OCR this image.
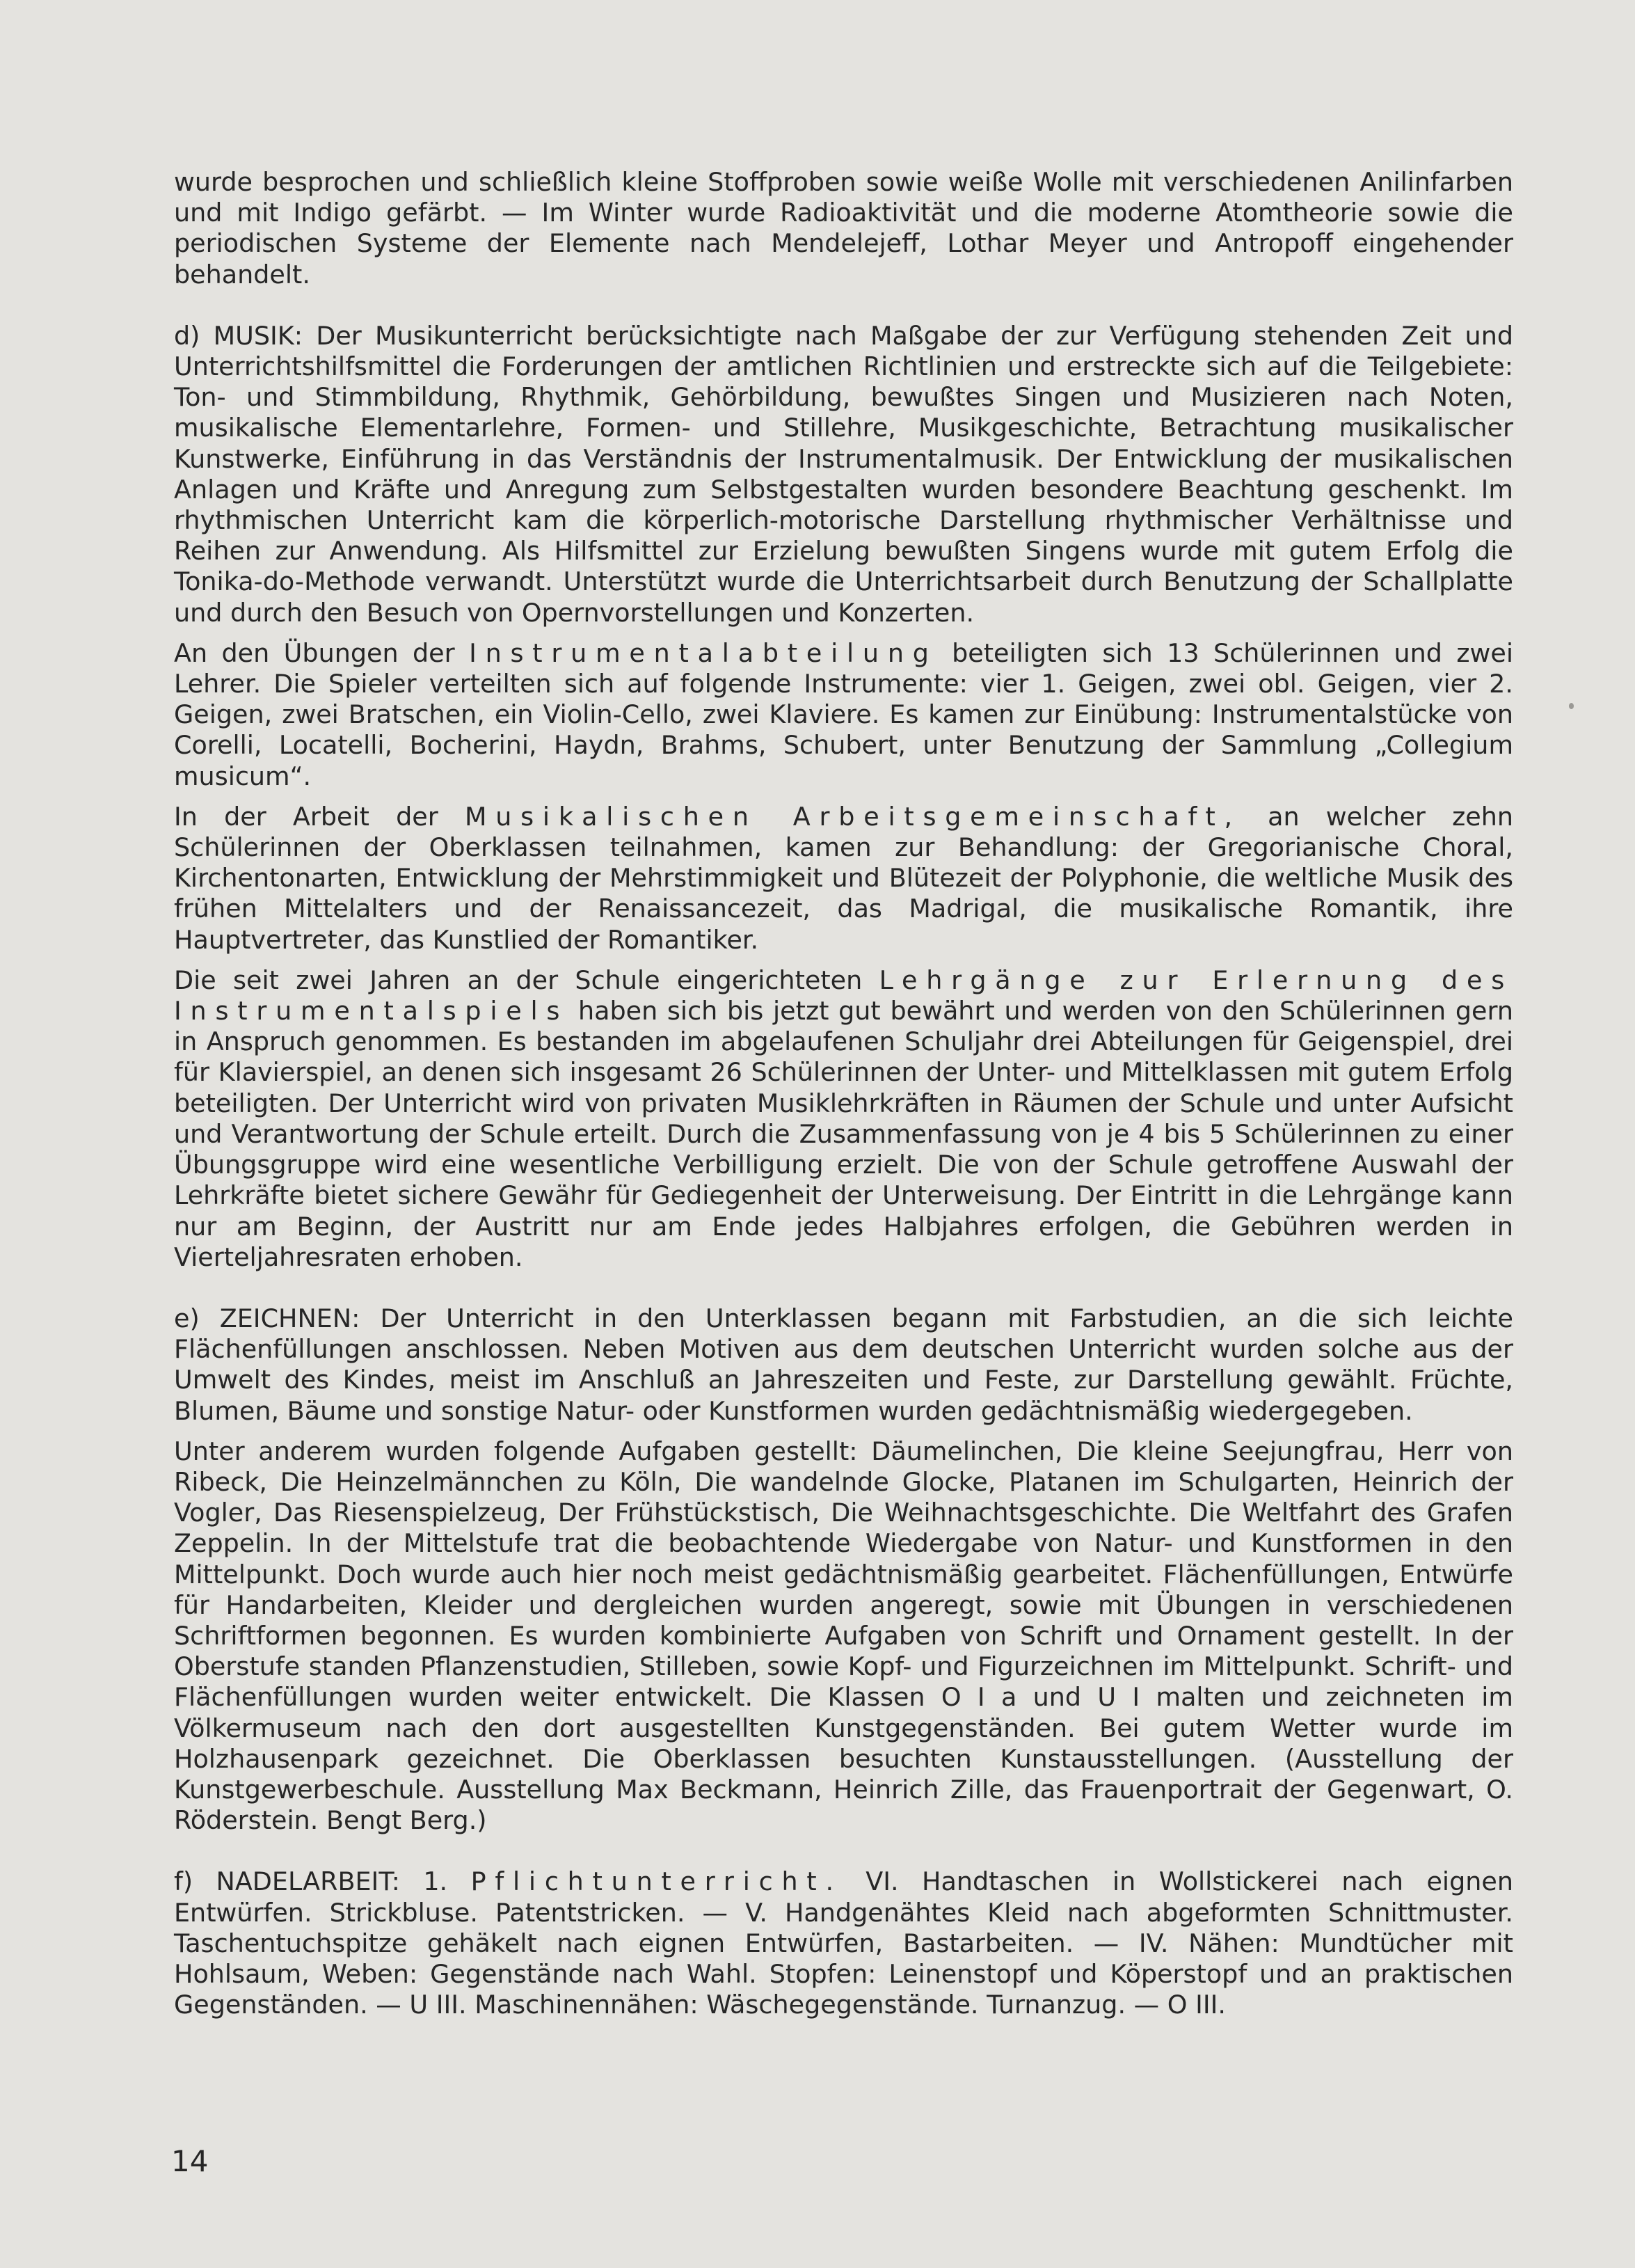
wurde besprochen und schließlich kleine Stoffproben sowie weiße Wolle mit verschiedenen Anilinfarben und mit Indigo gefärbt. — Im Winter wurde Radioaktivität und die moderne Atomtheorie sowie die periodischen Systeme der Elemente nach Mendelejeff, Lothar Meyer und Antropoff eingehender behandelt.

d) MUSIK: Der Musikunterricht berücksichtigte nach Maßgabe der zur Verfügung stehenden Zeit und Unterrichtshilfsmittel die Forderungen der amtlichen Richtlinien und erstreckte sich auf die Teilgebiete: Ton- und Stimmbildung, Rhythmik, Gehörbildung, bewußtes Singen und Musizieren nach Noten, musikalische Elementarlehre, Formen- und Stillehre, Musikgeschichte, Betrachtung musikalischer Kunstwerke, Einführung in das Verständnis der Instrumentalmusik. Der Entwicklung der musikalischen Anlagen und Kräfte und Anregung zum Selbstgestalten wurden besondere Beachtung geschenkt. Im rhythmischen Unterricht kam die körperlich-motorische Darstellung rhythmischer Verhältnisse und Reihen zur Anwendung. Als Hilfsmittel zur Erzielung bewußten Singens wurde mit gutem Erfolg die Tonika-do-Methode verwandt. Unterstützt wurde die Unterrichtsarbeit durch Benutzung der Schallplatte und durch den Besuch von Opernvorstellungen und Konzerten.

An den Übungen der Instrumentalabteilung beteiligten sich 13 Schülerinnen und zwei Lehrer. Die Spieler verteilten sich auf folgende Instrumente: vier 1. Geigen, zwei obl. Geigen, vier 2. Geigen, zwei Bratschen, ein Violin-Cello, zwei Klaviere. Es kamen zur Einübung: Instrumentalstücke von Corelli, Locatelli, Bocherini, Haydn, Brahms, Schubert, unter Benutzung der Sammlung „Collegium musicum“.

In der Arbeit der Musikalischen Arbeitsgemeinschaft, an welcher zehn Schülerinnen der Oberklassen teilnahmen, kamen zur Behandlung: der Gregorianische Choral, Kirchentonarten, Entwicklung der Mehrstimmigkeit und Blütezeit der Polyphonie, die weltliche Musik des frühen Mittelalters und der Renaissancezeit, das Madrigal, die musikalische Romantik, ihre Hauptvertreter, das Kunstlied der Romantiker.

Die seit zwei Jahren an der Schule eingerichteten Lehrgänge zur Erlernung des Instrumentalspiels haben sich bis jetzt gut bewährt und werden von den Schülerinnen gern in Anspruch genommen. Es bestanden im abgelaufenen Schuljahr drei Abteilungen für Geigenspiel, drei für Klavierspiel, an denen sich insgesamt 26 Schülerinnen der Unter- und Mittelklassen mit gutem Erfolg beteiligten. Der Unterricht wird von privaten Musiklehrkräften in Räumen der Schule und unter Aufsicht und Verantwortung der Schule erteilt. Durch die Zusammenfassung von je 4 bis 5 Schülerinnen zu einer Übungsgruppe wird eine wesentliche Verbilligung erzielt. Die von der Schule getroffene Auswahl der Lehrkräfte bietet sichere Gewähr für Gediegenheit der Unterweisung. Der Eintritt in die Lehrgänge kann nur am Beginn, der Austritt nur am Ende jedes Halbjahres erfolgen, die Gebühren werden in Vierteljahresraten erhoben.

e) ZEICHNEN: Der Unterricht in den Unterklassen begann mit Farbstudien, an die sich leichte Flächenfüllungen anschlossen. Neben Motiven aus dem deutschen Unterricht wurden solche aus der Umwelt des Kindes, meist im Anschluß an Jahreszeiten und Feste, zur Darstellung gewählt. Früchte, Blumen, Bäume und sonstige Natur- oder Kunstformen wurden gedächtnismäßig wiedergegeben.

Unter anderem wurden folgende Aufgaben gestellt: Däumelinchen, Die kleine Seejungfrau, Herr von Ribeck, Die Heinzelmännchen zu Köln, Die wandelnde Glocke, Platanen im Schulgarten, Heinrich der Vogler, Das Riesenspielzeug, Der Frühstückstisch, Die Weihnachtsgeschichte. Die Weltfahrt des Grafen Zeppelin. In der Mittelstufe trat die beobachtende Wiedergabe von Natur- und Kunstformen in den Mittelpunkt. Doch wurde auch hier noch meist gedächtnismäßig gearbeitet. Flächenfüllungen, Entwürfe für Handarbeiten, Kleider und dergleichen wurden angeregt, sowie mit Übungen in verschiedenen Schriftformen begonnen. Es wurden kombinierte Aufgaben von Schrift und Ornament gestellt. In der Oberstufe standen Pflanzenstudien, Stilleben, sowie Kopf- und Figurzeichnen im Mittelpunkt. Schrift- und Flächenfüllungen wurden weiter entwickelt. Die Klassen O I a und U I malten und zeichneten im Völkermuseum nach den dort ausgestellten Kunstgegenständen. Bei gutem Wetter wurde im Holzhausenpark gezeichnet. Die Oberklassen besuchten Kunstausstellungen. (Ausstellung der Kunstgewerbeschule. Ausstellung Max Beckmann, Heinrich Zille, das Frauenportrait der Gegenwart, O. Röderstein. Bengt Berg.)

f) NADELARBEIT: 1. Pflichtunterricht. VI. Handtaschen in Wollstickerei nach eignen Entwürfen. Strickbluse. Patentstricken. — V. Handgenähtes Kleid nach abgeformten Schnittmuster. Taschentuchspitze gehäkelt nach eignen Entwürfen, Bastarbeiten. — IV. Nähen: Mundtücher mit Hohlsaum, Weben: Gegenstände nach Wahl. Stopfen: Leinenstopf und Köperstopf und an praktischen Gegenständen. — U III. Maschinennähen: Wäschegegenstände. Turnanzug. — O III.

14
